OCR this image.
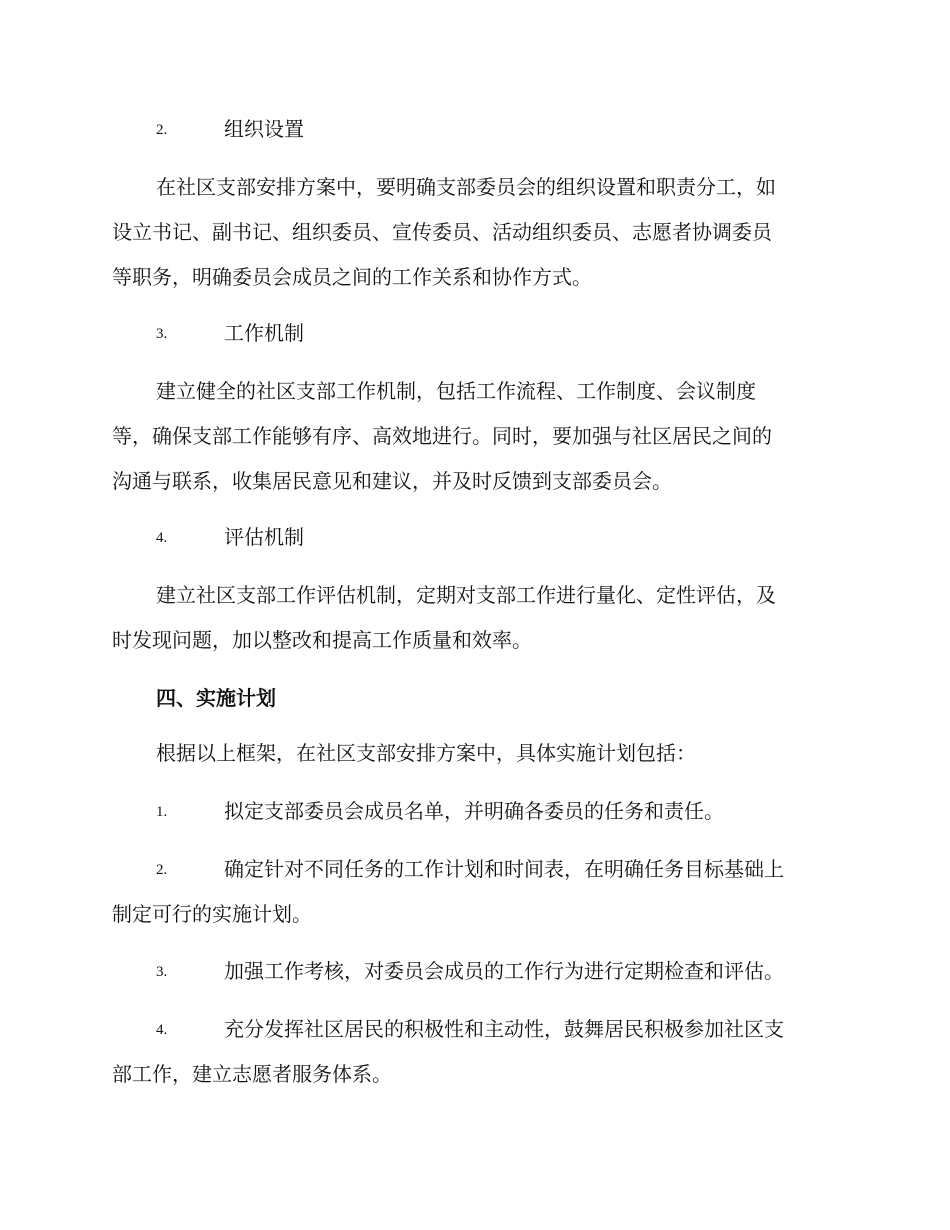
2.	组织设置
在社区支部安排方案中，要明确支部委员会的组织设置和职责分工，如
设立书记、副书记、组织委员、宣传委员、活动组织委员、志愿者协调委员
等职务，明确委员会成员之间的工作关系和协作方式。
3.	工作机制
建立健全的社区支部工作机制，包括工作流程、工作制度、会议制度
等，确保支部工作能够有序、高效地进行。同时，要加强与社区居民之间的
沟通与联系，收集居民意见和建议，并及时反馈到支部委员会。
4.	评估机制
建立社区支部工作评估机制，定期对支部工作进行量化、定性评估，及
时发现问题，加以整改和提高工作质量和效率。
四、实施计划
根据以上框架，在社区支部安排方案中，具体实施计划包括：
1.	拟定支部委员会成员名单，并明确各委员的任务和责任。
2.	确定针对不同任务的工作计划和时间表，在明确任务目标基础上
制定可行的实施计划。
3.	加强工作考核，对委员会成员的工作行为进行定期检查和评估。
4.	充分发挥社区居民的积极性和主动性，鼓舞居民积极参加社区支
部工作，建立志愿者服务体系。
